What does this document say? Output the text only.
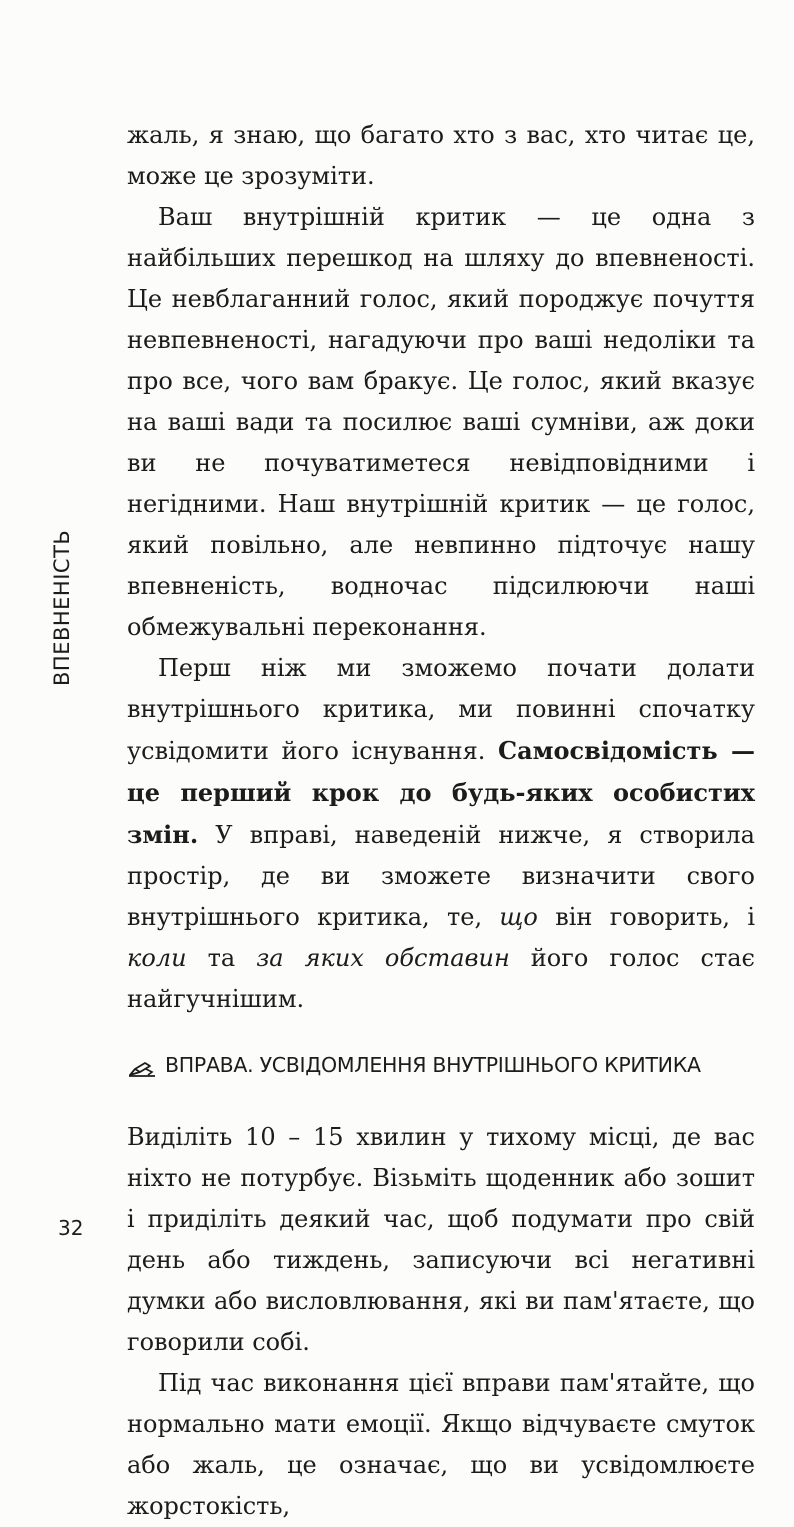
ВПЕВНЕНІСТЬ

жаль, я знаю, що багато хто з вас, хто читає це, може це зрозуміти.

Ваш внутрішній критик — це одна з найбільших перешкод на шляху до впевненості. Це невблаганний голос, який породжує почуття невпевненості, нагадуючи про ваші недоліки та про все, чого вам бракує. Це голос, який вказує на ваші вади та посилює ваші сумніви, аж доки ви не почуватиметеся невідповідними і негідними. Наш внутрішній критик — це голос, який повільно, але невпинно підточує нашу впевненість, водночас підсилюючи наші обмежувальні переконання.

Перш ніж ми зможемо почати долати внутрішнього критика, ми повинні спочатку усвідомити його існування. Самосвідомість — це перший крок до будь-яких особистих змін. У вправі, наведеній нижче, я створила простір, де ви зможете визначити свого внутрішнього критика, те, що він говорить, і коли та за яких обставин його голос стає найгучнішим.

ВПРАВА. УСВІДОМЛЕННЯ ВНУТРІШНЬОГО КРИТИКА

Виділіть 10 – 15 хвилин у тихому місці, де вас ніхто не потурбує. Візьміть щоденник або зошит і приділіть деякий час, щоб подумати про свій день або тиждень, записуючи всі негативні думки або висловлювання, які ви пам'ятаєте, що говорили собі.

Під час виконання цієї вправи пам'ятайте, що нормально мати емоції. Якщо відчуваєте смуток або жаль, це означає, що ви усвідомлюєте жорстокість,

32
